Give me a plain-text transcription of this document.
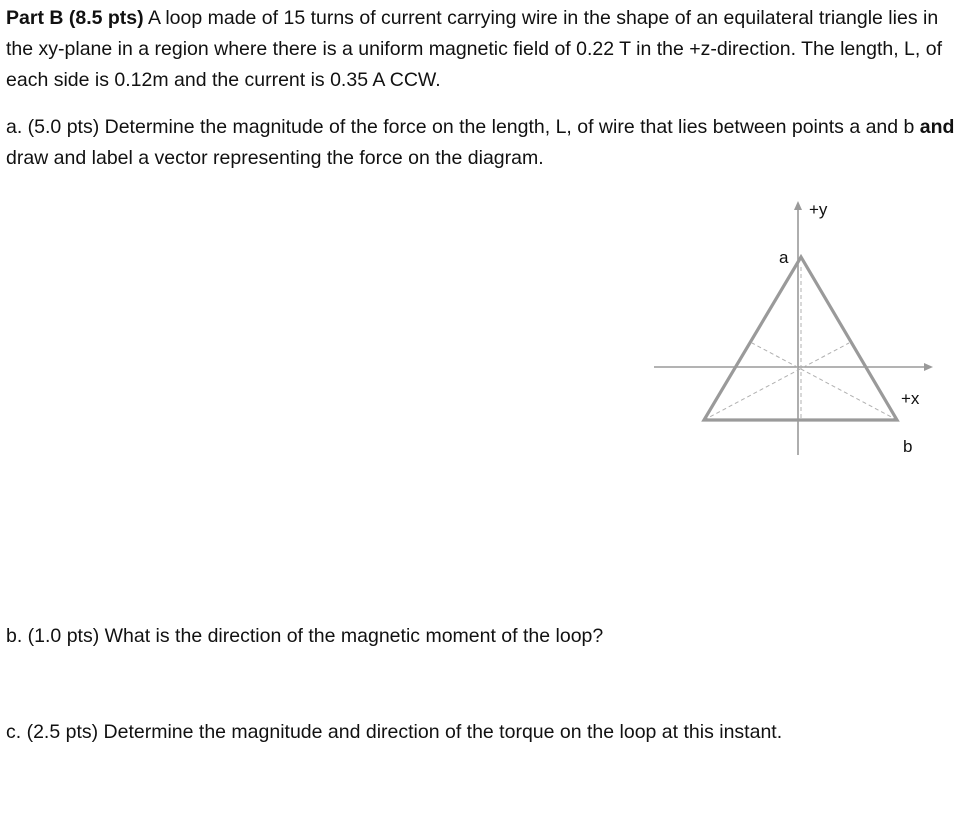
Part B (8.5 pts) A loop made of 15 turns of current carrying wire in the shape of an equilateral triangle lies in the xy-plane in a region where there is a uniform magnetic field of 0.22 T in the +z-direction. The length, L, of each side is 0.12m and the current is 0.35 A CCW.

a. (5.0 pts) Determine the magnitude of the force on the length, L, of wire that lies between points a and b and draw and label a vector representing the force on the diagram.

+y
a
+x
b

b. (1.0 pts) What is the direction of the magnetic moment of the loop?

c. (2.5 pts) Determine the magnitude and direction of the torque on the loop at this instant.
